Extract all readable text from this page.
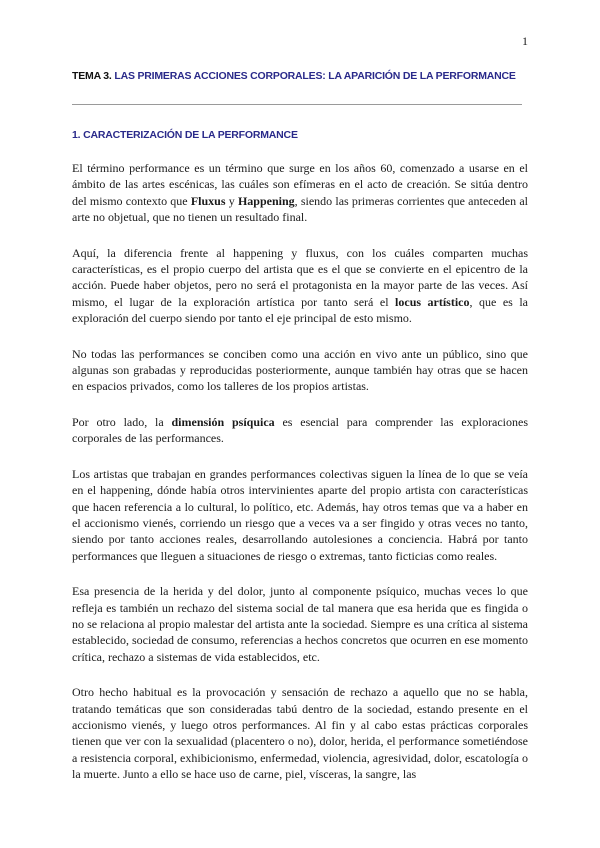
1
TEMA 3. LAS PRIMERAS ACCIONES CORPORALES: LA APARICIÓN DE LA PERFORMANCE
1. CARACTERIZACIÓN DE LA PERFORMANCE

El término performance es un término que surge en los años 60, comenzado a usarse en el ámbito de las artes escénicas, las cuáles son efímeras en el acto de creación. Se sitúa dentro del mismo contexto que Fluxus y Happening, siendo las primeras corrientes que anteceden al arte no objetual, que no tienen un resultado final.

Aquí, la diferencia frente al happening y fluxus, con los cuáles comparten muchas características, es el propio cuerpo del artista que es el que se convierte en el epicentro de la acción. Puede haber objetos, pero no será el protagonista en la mayor parte de las veces. Así mismo, el lugar de la exploración artística por tanto será el locus artístico, que es la exploración del cuerpo siendo por tanto el eje principal de esto mismo.

No todas las performances se conciben como una acción en vivo ante un público, sino que algunas son grabadas y reproducidas posteriormente, aunque también hay otras que se hacen en espacios privados, como los talleres de los propios artistas.

Por otro lado, la dimensión psíquica es esencial para comprender las exploraciones corporales de las performances.

Los artistas que trabajan en grandes performances colectivas siguen la línea de lo que se veía en el happening, dónde había otros intervinientes aparte del propio artista con características que hacen referencia a lo cultural, lo político, etc. Además, hay otros temas que va a haber en el accionismo vienés, corriendo un riesgo que a veces va a ser fingido y otras veces no tanto, siendo por tanto acciones reales, desarrollando autolesiones a conciencia. Habrá por tanto performances que lleguen a situaciones de riesgo o extremas, tanto ficticias como reales.

Esa presencia de la herida y del dolor, junto al componente psíquico, muchas veces lo que refleja es también un rechazo del sistema social de tal manera que esa herida que es fingida o no se relaciona al propio malestar del artista ante la sociedad. Siempre es una crítica al sistema establecido, sociedad de consumo, referencias a hechos concretos que ocurren en ese momento crítica, rechazo a sistemas de vida establecidos, etc.

Otro hecho habitual es la provocación y sensación de rechazo a aquello que no se habla, tratando temáticas que son consideradas tabú dentro de la sociedad, estando presente en el accionismo vienés, y luego otros performances. Al fin y al cabo estas prácticas corporales tienen que ver con la sexualidad (placentero o no), dolor, herida, el performance sometiéndose a resistencia corporal, exhibicionismo, enfermedad, violencia, agresividad, dolor, escatología o la muerte. Junto a ello se hace uso de carne, piel, vísceras, la sangre, las
